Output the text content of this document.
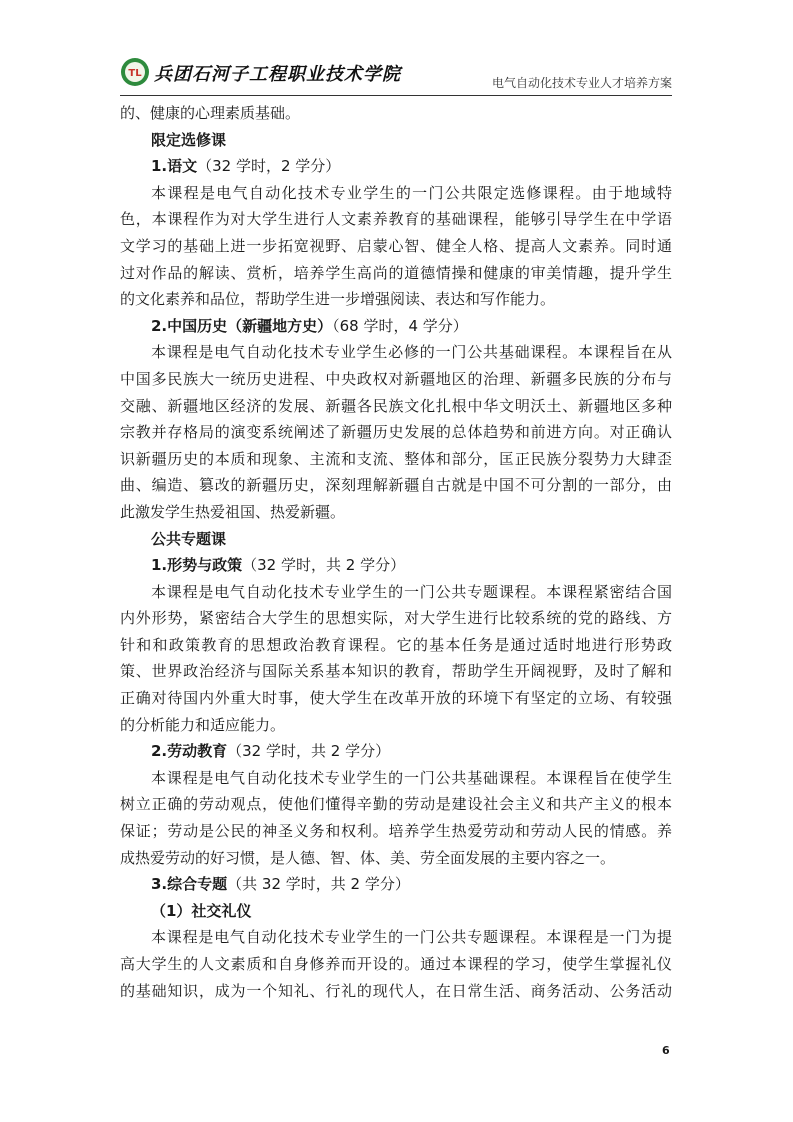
TL 兵团石河子工程职业技术学院	电气自动化技术专业人才培养方案
的、健康的心理素质基础。
限定选修课
1.语文（32 学时，2 学分）
本课程是电气自动化技术专业学生的一门公共限定选修课程。由于地域特
色，本课程作为对大学生进行人文素养教育的基础课程，能够引导学生在中学语
文学习的基础上进一步拓宽视野、启蒙心智、健全人格、提高人文素养。同时通
过对作品的解读、赏析，培养学生高尚的道德情操和健康的审美情趣，提升学生
的文化素养和品位，帮助学生进一步增强阅读、表达和写作能力。
2.中国历史（新疆地方史）（68 学时，4 学分）
本课程是电气自动化技术专业学生必修的一门公共基础课程。本课程旨在从
中国多民族大一统历史进程、中央政权对新疆地区的治理、新疆多民族的分布与
交融、新疆地区经济的发展、新疆各民族文化扎根中华文明沃土、新疆地区多种
宗教并存格局的演变系统阐述了新疆历史发展的总体趋势和前进方向。对正确认
识新疆历史的本质和现象、主流和支流、整体和部分，匡正民族分裂势力大肆歪
曲、编造、篡改的新疆历史，深刻理解新疆自古就是中国不可分割的一部分，由
此激发学生热爱祖国、热爱新疆。
公共专题课
1.形势与政策（32 学时，共 2 学分）
本课程是电气自动化技术专业学生的一门公共专题课程。本课程紧密结合国
内外形势，紧密结合大学生的思想实际，对大学生进行比较系统的党的路线、方
针和和政策教育的思想政治教育课程。它的基本任务是通过适时地进行形势政
策、世界政治经济与国际关系基本知识的教育，帮助学生开阔视野，及时了解和
正确对待国内外重大时事，使大学生在改革开放的环境下有坚定的立场、有较强
的分析能力和适应能力。
2.劳动教育（32 学时，共 2 学分）
本课程是电气自动化技术专业学生的一门公共基础课程。本课程旨在使学生
树立正确的劳动观点，使他们懂得辛勤的劳动是建设社会主义和共产主义的根本
保证；劳动是公民的神圣义务和权利。培养学生热爱劳动和劳动人民的情感。养
成热爱劳动的好习惯，是人德、智、体、美、劳全面发展的主要内容之一。
3.综合专题（共 32 学时，共 2 学分）
（1）社交礼仪
本课程是电气自动化技术专业学生的一门公共专题课程。本课程是一门为提
高大学生的人文素质和自身修养而开设的。通过本课程的学习，使学生掌握礼仪
的基础知识，成为一个知礼、行礼的现代人，在日常生活、商务活动、公务活动
6
